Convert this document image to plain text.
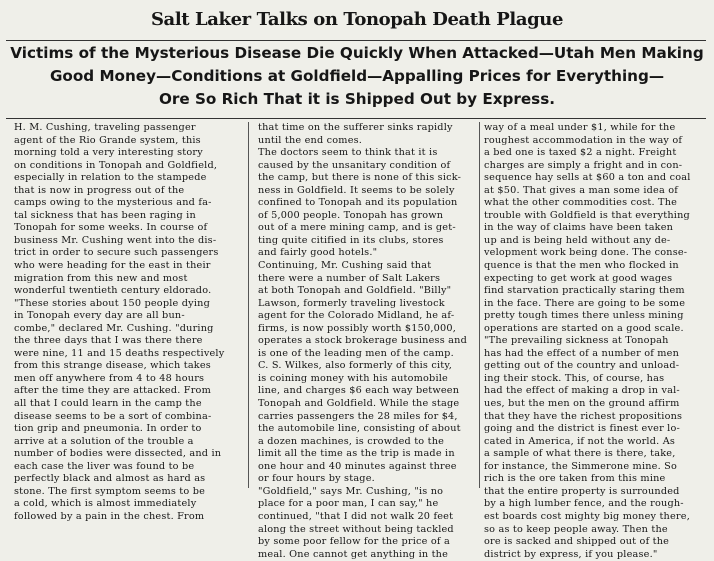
Salt Laker Talks on Tonopah Death Plague
Victims of the Mysterious Disease Die Quickly When Attacked—Utah Men Making
Good Money—Conditions at Goldfield—Appalling Prices for Everything—
Ore So Rich That it is Shipped Out by Express.
H. M. Cushing, traveling passenger
agent of the Rio Grande system, this
morning told a very interesting story
on conditions in Tonopah and Goldfield,
especially in relation to the stampede
that is now in progress out of the
camps owing to the mysterious and fa-
tal sickness that has been raging in
Tonopah for some weeks. In course of
business Mr. Cushing went into the dis-
trict in order to secure such passengers
who were heading for the east in their
migration from this new and most
wonderful twentieth century eldorado.
"These stories about 150 people dying
in Tonopah every day are all bun-
combe," declared Mr. Cushing. "during
the three days that I was there there
were nine, 11 and 15 deaths respectively
from this strange disease, which takes
men off anywhere from 4 to 48 hours
after the time they are attacked. From
all that I could learn in the camp the
disease seems to be a sort of combina-
tion grip and pneumonia. In order to
arrive at a solution of the trouble a
number of bodies were dissected, and in
each case the liver was found to be
perfectly black and almost as hard as
stone. The first symptom seems to be
a cold, which is almost immediately
followed by a pain in the chest. From
that time on the sufferer sinks rapidly
until the end comes.
The doctors seem to think that it is
caused by the unsanitary condition of
the camp, but there is none of this sick-
ness in Goldfield. It seems to be solely
confined to Tonopah and its population
of 5,000 people. Tonopah has grown
out of a mere mining camp, and is get-
ting quite citified in its clubs, stores
and fairly good hotels."
Continuing, Mr. Cushing said that
there were a number of Salt Lakers
at both Tonopah and Goldfield. "Billy"
Lawson, formerly traveling livestock
agent for the Colorado Midland, he af-
firms, is now possibly worth $150,000,
operates a stock brokerage business and
is one of the leading men of the camp.
C. S. Wilkes, also formerly of this city,
is coining money with his automobile
line, and charges $6 each way between
Tonopah and Goldfield. While the stage
carries passengers the 28 miles for $4,
the automobile line, consisting of about
a dozen machines, is crowded to the
limit all the time as the trip is made in
one hour and 40 minutes against three
or four hours by stage.
"Goldfield," says Mr. Cushing, "is no
place for a poor man, I can say," he
continued, "that I did not walk 20 feet
along the street without being tackled
by some poor fellow for the price of a
meal. One cannot get anything in the
way of a meal under $1, while for the
roughest accommodation in the way of
a bed one is taxed $2 a night. Freight
charges are simply a fright and in con-
sequence hay sells at $60 a ton and coal
at $50. That gives a man some idea of
what the other commodities cost. The
trouble with Goldfield is that everything
in the way of claims have been taken
up and is being held without any de-
velopment work being done. The conse-
quence is that the men who flocked in
expecting to get work at good wages
find starvation practically staring them
in the face. There are going to be some
pretty tough times there unless mining
operations are started on a good scale.
"The prevailing sickness at Tonopah
has had the effect of a number of men
getting out of the country and unload-
ing their stock. This, of course, has
had the effect of making a drop in val-
ues, but the men on the ground affirm
that they have the richest propositions
going and the district is finest ever lo-
cated in America, if not the world. As
a sample of what there is there, take,
for instance, the Simmerone mine. So
rich is the ore taken from this mine
that the entire property is surrounded
by a high lumber fence, and the rough-
est boards cost mighty big money there,
so as to keep people away. Then the
ore is sacked and shipped out of the
district by express, if you please."
